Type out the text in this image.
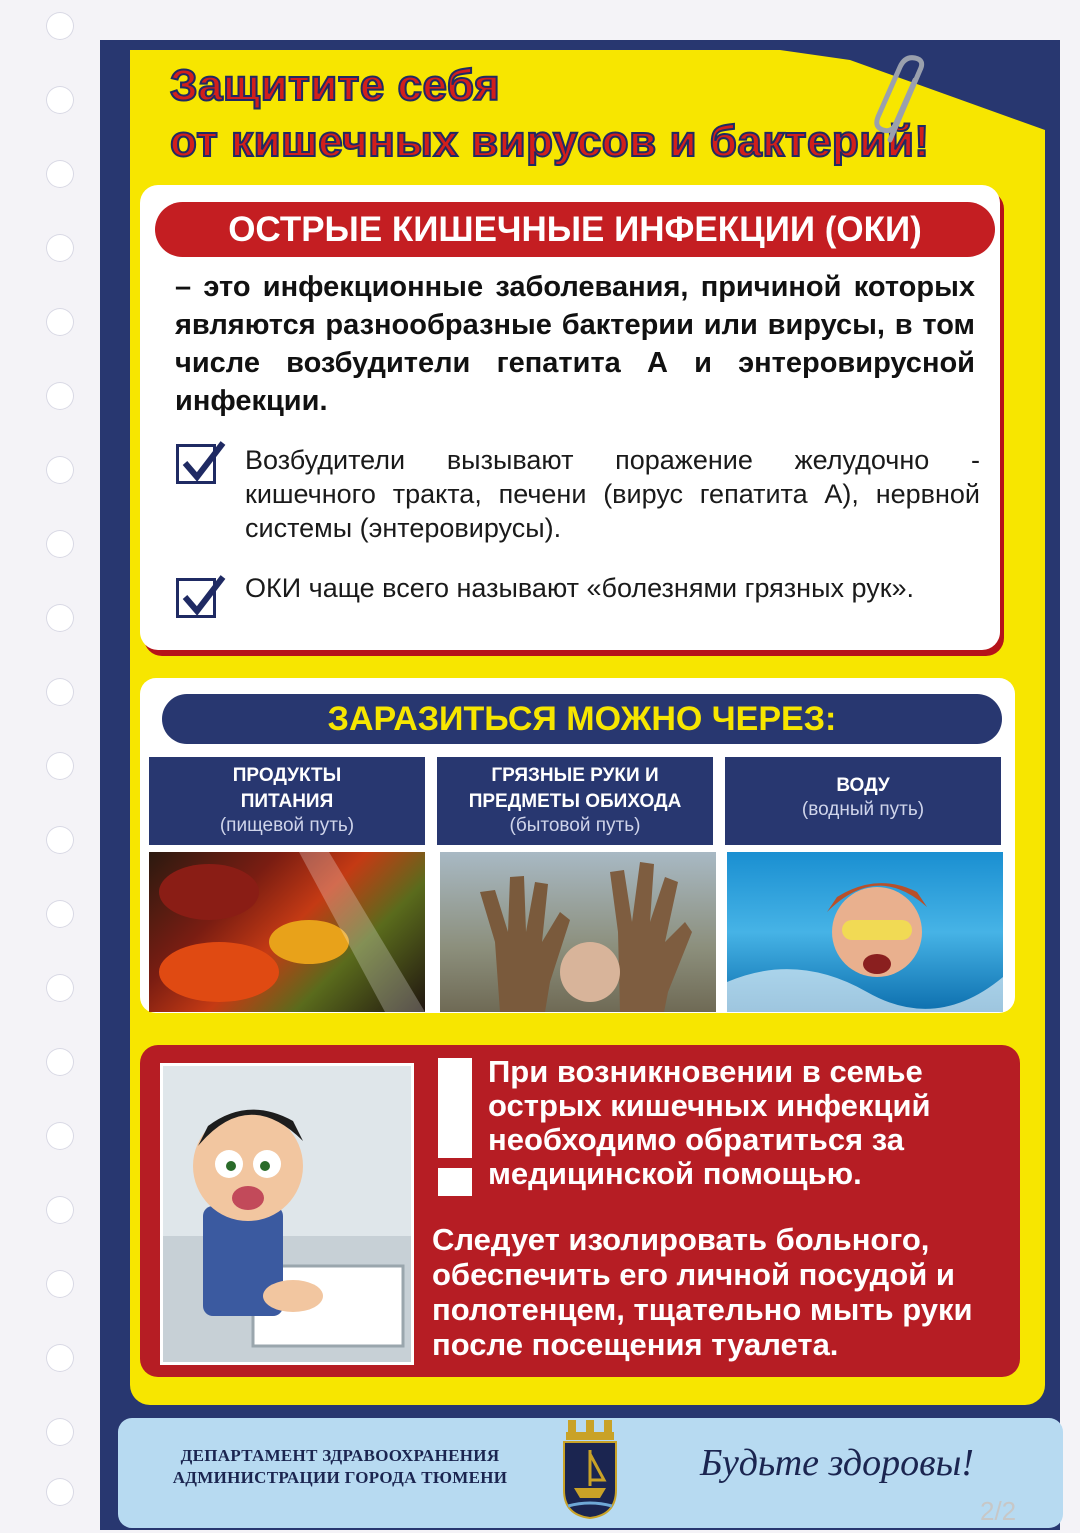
Защитите себя
от кишечных вирусов и бактерий!
ОСТРЫЕ КИШЕЧНЫЕ ИНФЕКЦИИ (ОКИ)
– это инфекционные заболевания, причиной которых являются разнообразные бактерии или вирусы, в том числе возбудители гепатита А и энтеровирусной инфекции.
Возбудители вызывают поражение желудочно - кишечного тракта, печени (вирус гепатита А), нервной системы (энтеровирусы).
ОКИ чаще всего называют «болезнями грязных рук».
ЗАРАЗИТЬСЯ МОЖНО ЧЕРЕЗ:
ПРОДУКТЫ
ПИТАНИЯ
(пищевой путь)
ГРЯЗНЫЕ РУКИ И
ПРЕДМЕТЫ ОБИХОДА
(бытовой путь)
ВОДУ
(водный путь)
При возникновении в семье острых кишечных инфекций необходимо обратиться за медицинской помощью.
Следует изолировать больного, обеспечить его личной посудой и полотенцем, тщательно мыть руки после посещения туалета.
ДЕПАРТАМЕНТ ЗДРАВООХРАНЕНИЯ
АДМИНИСТРАЦИИ ГОРОДА ТЮМЕНИ	Будьте здоровы!
2/2
